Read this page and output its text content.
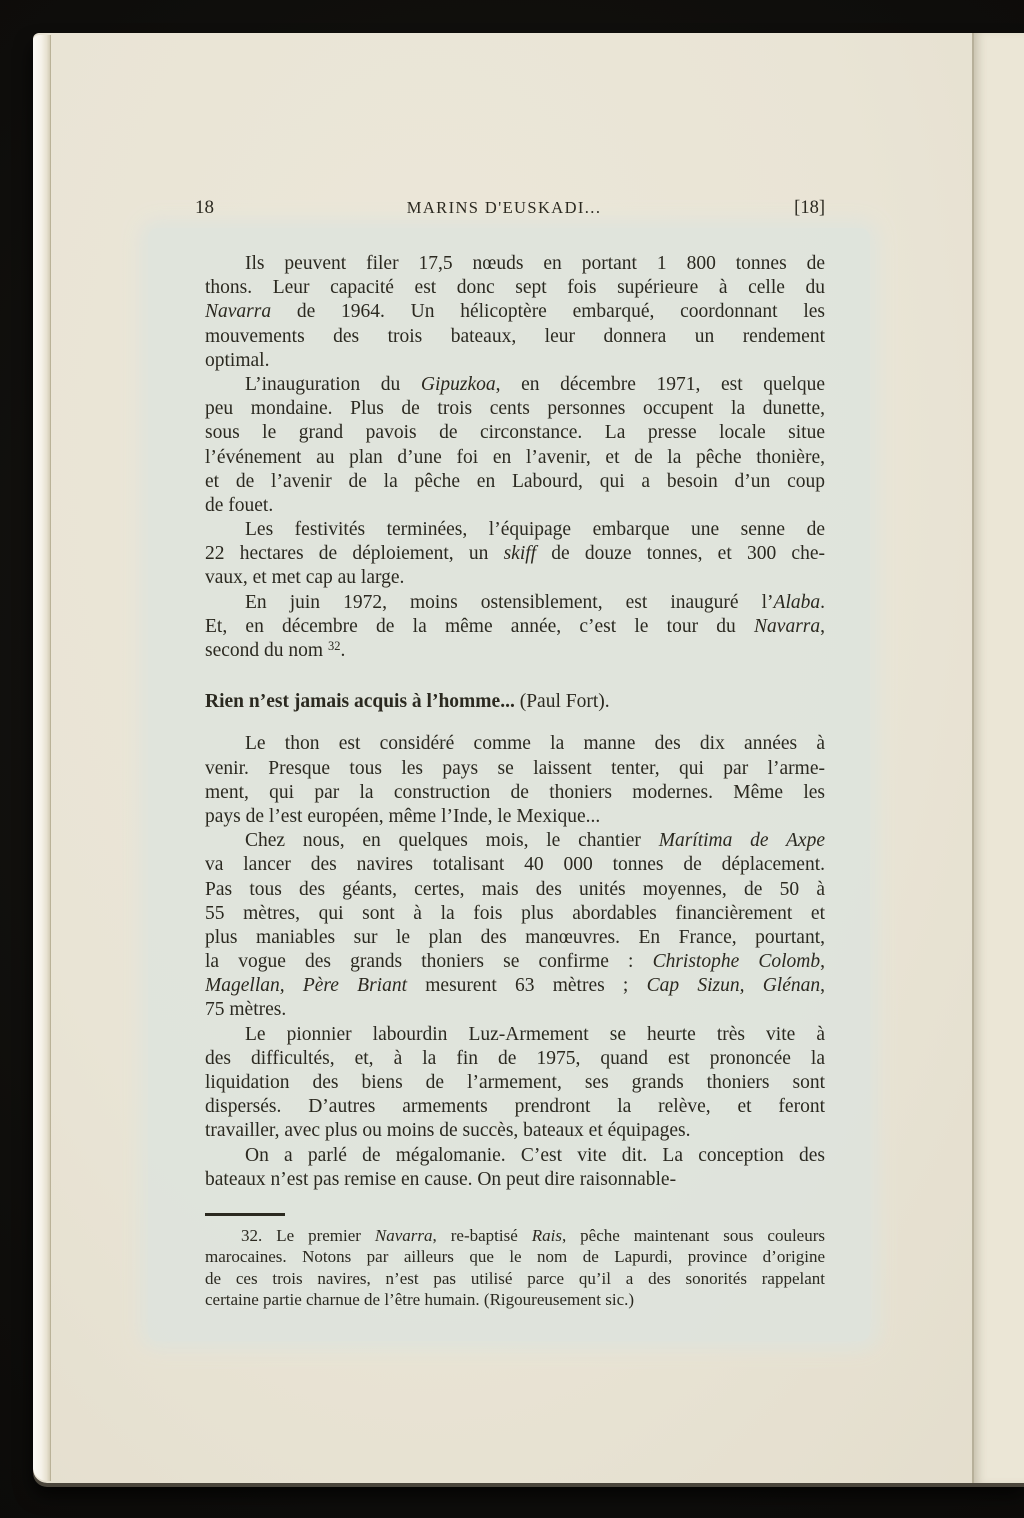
18	MARINS D'EUSKADI...	[18]
Ils peuvent filer 17,5 nœuds en portant 1 800 tonnes de
thons. Leur capacité est donc sept fois supérieure à celle du
Navarra de 1964. Un hélicoptère embarqué, coordonnant les
mouvements des trois bateaux, leur donnera un rendement
optimal.
L’inauguration du Gipuzkoa, en décembre 1971, est quelque
peu mondaine. Plus de trois cents personnes occupent la dunette,
sous le grand pavois de circonstance. La presse locale situe
l’événement au plan d’une foi en l’avenir, et de la pêche thonière,
et de l’avenir de la pêche en Labourd, qui a besoin d’un coup
de fouet.
Les festivités terminées, l’équipage embarque une senne de
22 hectares de déploiement, un skiff de douze tonnes, et 300 che-
vaux, et met cap au large.
En juin 1972, moins ostensiblement, est inauguré l’Alaba.
Et, en décembre de la même année, c’est le tour du Navarra,
second du nom $^{32}$.
Rien n’est jamais acquis à l’homme... (Paul Fort).
Le thon est considéré comme la manne des dix années à
venir. Presque tous les pays se laissent tenter, qui par l’arme-
ment, qui par la construction de thoniers modernes. Même les
pays de l’est européen, même l’Inde, le Mexique...
Chez nous, en quelques mois, le chantier Marítima de Axpe
va lancer des navires totalisant 40 000 tonnes de déplacement.
Pas tous des géants, certes, mais des unités moyennes, de 50 à
55 mètres, qui sont à la fois plus abordables financièrement et
plus maniables sur le plan des manœuvres. En France, pourtant,
la vogue des grands thoniers se confirme : Christophe Colomb,
Magellan, Père Briant mesurent 63 mètres ; Cap Sizun, Glénan,
75 mètres.
Le pionnier labourdin Luz-Armement se heurte très vite à
des difficultés, et, à la fin de 1975, quand est prononcée la
liquidation des biens de l’armement, ses grands thoniers sont
dispersés. D’autres armements prendront la relève, et feront
travailler, avec plus ou moins de succès, bateaux et équipages.
On a parlé de mégalomanie. C’est vite dit. La conception des
bateaux n’est pas remise en cause. On peut dire raisonnable-
32. Le premier Navarra, re-baptisé Rais, pêche maintenant sous couleurs
marocaines. Notons par ailleurs que le nom de Lapurdi, province d’origine
de ces trois navires, n’est pas utilisé parce qu’il a des sonorités rappelant
certaine partie charnue de l’être humain. (Rigoureusement sic.)
